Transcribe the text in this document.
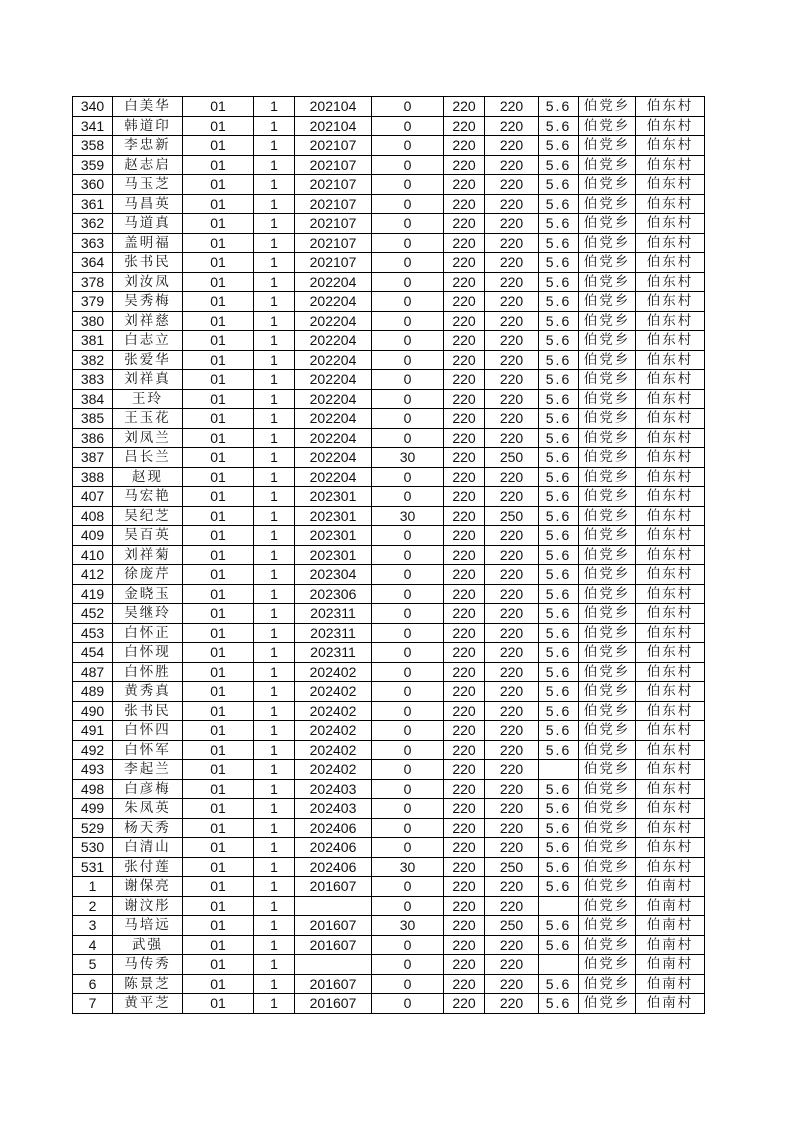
340	白美华	01	1	202104	0	220	220	5.6	伯党乡	伯东村
341	韩道印	01	1	202104	0	220	220	5.6	伯党乡	伯东村
358	李忠新	01	1	202107	0	220	220	5.6	伯党乡	伯东村
359	赵志启	01	1	202107	0	220	220	5.6	伯党乡	伯东村
360	马玉芝	01	1	202107	0	220	220	5.6	伯党乡	伯东村
361	马昌英	01	1	202107	0	220	220	5.6	伯党乡	伯东村
362	马道真	01	1	202107	0	220	220	5.6	伯党乡	伯东村
363	盖明福	01	1	202107	0	220	220	5.6	伯党乡	伯东村
364	张书民	01	1	202107	0	220	220	5.6	伯党乡	伯东村
378	刘汝凤	01	1	202204	0	220	220	5.6	伯党乡	伯东村
379	吴秀梅	01	1	202204	0	220	220	5.6	伯党乡	伯东村
380	刘祥慈	01	1	202204	0	220	220	5.6	伯党乡	伯东村
381	白志立	01	1	202204	0	220	220	5.6	伯党乡	伯东村
382	张爱华	01	1	202204	0	220	220	5.6	伯党乡	伯东村
383	刘祥真	01	1	202204	0	220	220	5.6	伯党乡	伯东村
384	王玲	01	1	202204	0	220	220	5.6	伯党乡	伯东村
385	王玉花	01	1	202204	0	220	220	5.6	伯党乡	伯东村
386	刘凤兰	01	1	202204	0	220	220	5.6	伯党乡	伯东村
387	吕长兰	01	1	202204	30	220	250	5.6	伯党乡	伯东村
388	赵现	01	1	202204	0	220	220	5.6	伯党乡	伯东村
407	马宏艳	01	1	202301	0	220	220	5.6	伯党乡	伯东村
408	吴纪芝	01	1	202301	30	220	250	5.6	伯党乡	伯东村
409	吴百英	01	1	202301	0	220	220	5.6	伯党乡	伯东村
410	刘祥菊	01	1	202301	0	220	220	5.6	伯党乡	伯东村
412	徐庞芹	01	1	202304	0	220	220	5.6	伯党乡	伯东村
419	金晓玉	01	1	202306	0	220	220	5.6	伯党乡	伯东村
452	吴继玲	01	1	202311	0	220	220	5.6	伯党乡	伯东村
453	白怀正	01	1	202311	0	220	220	5.6	伯党乡	伯东村
454	白怀现	01	1	202311	0	220	220	5.6	伯党乡	伯东村
487	白怀胜	01	1	202402	0	220	220	5.6	伯党乡	伯东村
489	黄秀真	01	1	202402	0	220	220	5.6	伯党乡	伯东村
490	张书民	01	1	202402	0	220	220	5.6	伯党乡	伯东村
491	白怀四	01	1	202402	0	220	220	5.6	伯党乡	伯东村
492	白怀军	01	1	202402	0	220	220	5.6	伯党乡	伯东村
493	李起兰	01	1	202402	0	220	220		伯党乡	伯东村
498	白彦梅	01	1	202403	0	220	220	5.6	伯党乡	伯东村
499	朱凤英	01	1	202403	0	220	220	5.6	伯党乡	伯东村
529	杨天秀	01	1	202406	0	220	220	5.6	伯党乡	伯东村
530	白清山	01	1	202406	0	220	220	5.6	伯党乡	伯东村
531	张付莲	01	1	202406	30	220	250	5.6	伯党乡	伯东村
1	谢保亮	01	1	201607	0	220	220	5.6	伯党乡	伯南村
2	谢汶彤	01	1		0	220	220		伯党乡	伯南村
3	马培远	01	1	201607	30	220	250	5.6	伯党乡	伯南村
4	武强	01	1	201607	0	220	220	5.6	伯党乡	伯南村
5	马传秀	01	1		0	220	220		伯党乡	伯南村
6	陈景芝	01	1	201607	0	220	220	5.6	伯党乡	伯南村
7	黄平芝	01	1	201607	0	220	220	5.6	伯党乡	伯南村
